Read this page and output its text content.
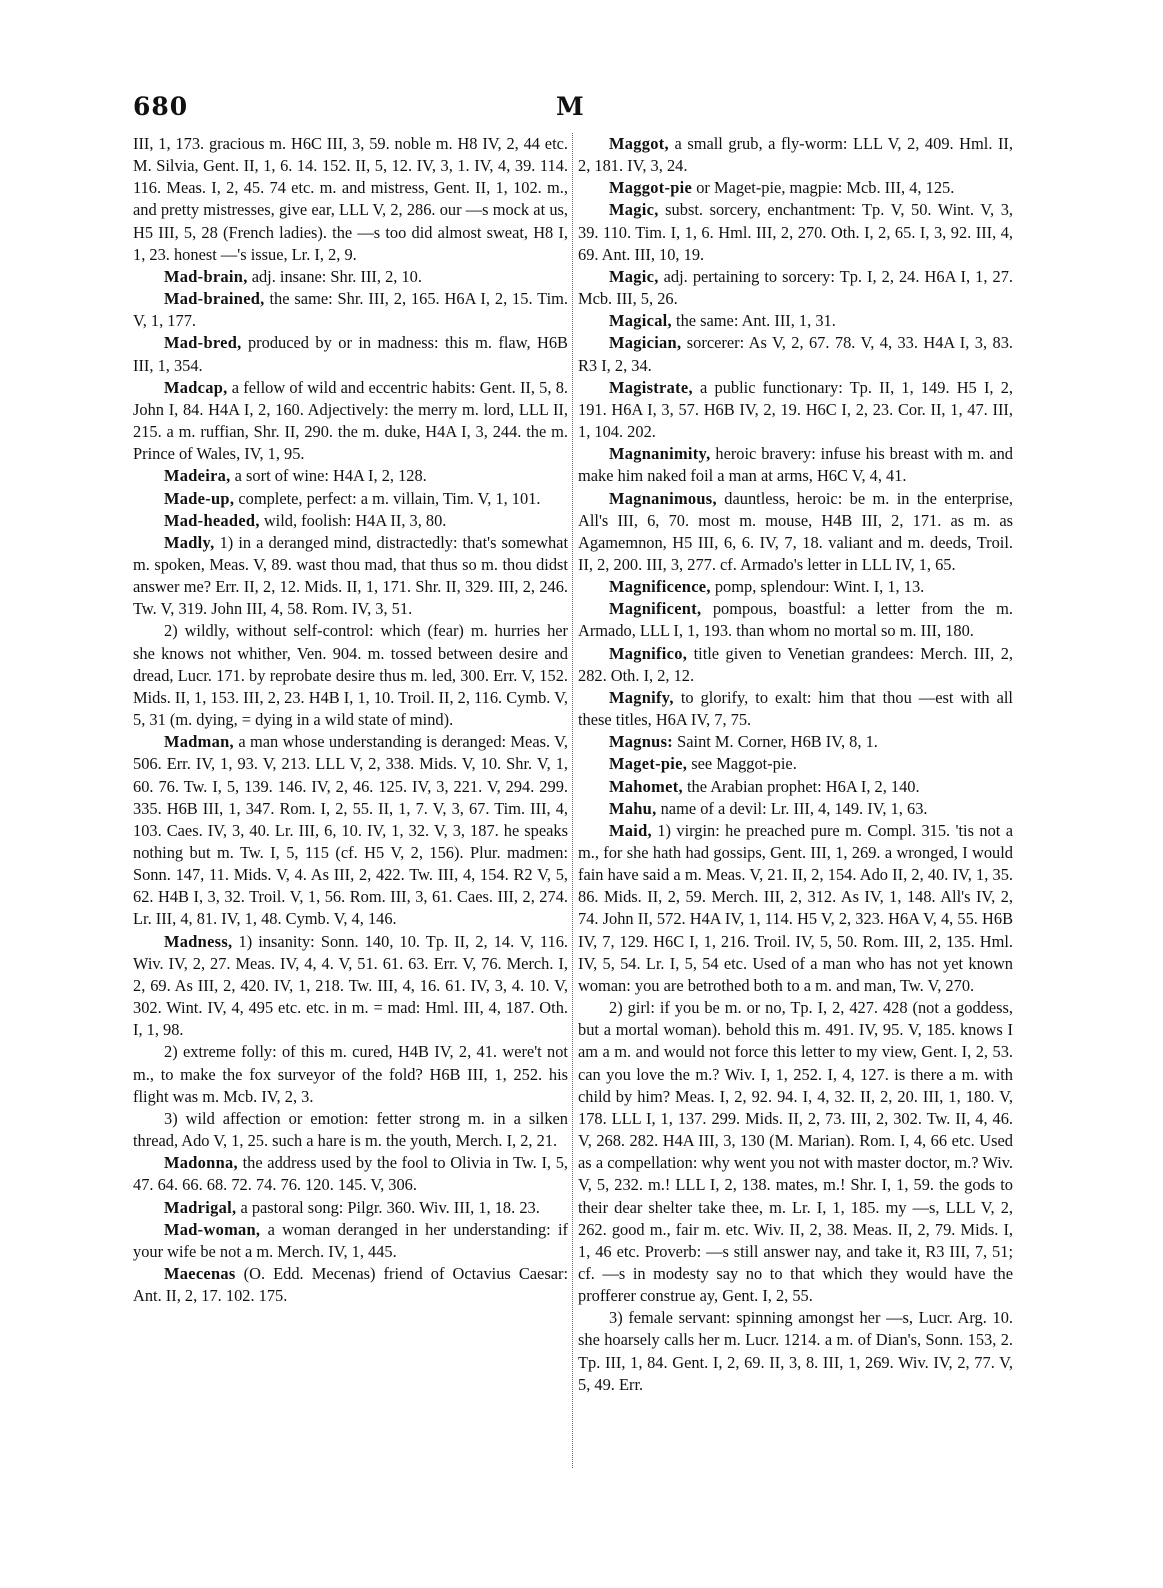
680	M

III, 1, 173. gracious m. H6C III, 3, 59. noble m. H8 IV, 2, 44 etc. M. Silvia, Gent. II, 1, 6. 14. 152. II, 5, 12. IV, 3, 1. IV, 4, 39. 114. 116. Meas. I, 2, 45. 74 etc. m. and mistress, Gent. II, 1, 102. m., and pretty mistresses, give ear, LLL V, 2, 286. our —s mock at us, H5 III, 5, 28 (French ladies). the —s too did almost sweat, H8 I, 1, 23. honest —'s issue, Lr. I, 2, 9.

Mad-brain, adj. insane: Shr. III, 2, 10.

Mad-brained, the same: Shr. III, 2, 165. H6A I, 2, 15. Tim. V, 1, 177.

Mad-bred, produced by or in madness: this m. flaw, H6B III, 1, 354.

Madcap, a fellow of wild and eccentric habits: Gent. II, 5, 8. John I, 84. H4A I, 2, 160. Adjectively: the merry m. lord, LLL II, 215. a m. ruffian, Shr. II, 290. the m. duke, H4A I, 3, 244. the m. Prince of Wales, IV, 1, 95.

Madeira, a sort of wine: H4A I, 2, 128.

Made-up, complete, perfect: a m. villain, Tim. V, 1, 101.

Mad-headed, wild, foolish: H4A II, 3, 80.

Madly, 1) in a deranged mind, distractedly: that's somewhat m. spoken, Meas. V, 89. wast thou mad, that thus so m. thou didst answer me? Err. II, 2, 12. Mids. II, 1, 171. Shr. II, 329. III, 2, 246. Tw. V, 319. John III, 4, 58. Rom. IV, 3, 51.

2) wildly, without self-control: which (fear) m. hurries her she knows not whither, Ven. 904. m. tossed between desire and dread, Lucr. 171. by reprobate desire thus m. led, 300. Err. V, 152. Mids. II, 1, 153. III, 2, 23. H4B I, 1, 10. Troil. II, 2, 116. Cymb. V, 5, 31 (m. dying, = dying in a wild state of mind).

Madman, a man whose understanding is deranged: Meas. V, 506. Err. IV, 1, 93. V, 213. LLL V, 2, 338. Mids. V, 10. Shr. V, 1, 60. 76. Tw. I, 5, 139. 146. IV, 2, 46. 125. IV, 3, 221. V, 294. 299. 335. H6B III, 1, 347. Rom. I, 2, 55. II, 1, 7. V, 3, 67. Tim. III, 4, 103. Caes. IV, 3, 40. Lr. III, 6, 10. IV, 1, 32. V, 3, 187. he speaks nothing but m. Tw. I, 5, 115 (cf. H5 V, 2, 156). Plur. madmen: Sonn. 147, 11. Mids. V, 4. As III, 2, 422. Tw. III, 4, 154. R2 V, 5, 62. H4B I, 3, 32. Troil. V, 1, 56. Rom. III, 3, 61. Caes. III, 2, 274. Lr. III, 4, 81. IV, 1, 48. Cymb. V, 4, 146.

Madness, 1) insanity: Sonn. 140, 10. Tp. II, 2, 14. V, 116. Wiv. IV, 2, 27. Meas. IV, 4, 4. V, 51. 61. 63. Err. V, 76. Merch. I, 2, 69. As III, 2, 420. IV, 1, 218. Tw. III, 4, 16. 61. IV, 3, 4. 10. V, 302. Wint. IV, 4, 495 etc. etc. in m. = mad: Hml. III, 4, 187. Oth. I, 1, 98.

2) extreme folly: of this m. cured, H4B IV, 2, 41. were't not m., to make the fox surveyor of the fold? H6B III, 1, 252. his flight was m. Mcb. IV, 2, 3.

3) wild affection or emotion: fetter strong m. in a silken thread, Ado V, 1, 25. such a hare is m. the youth, Merch. I, 2, 21.

Madonna, the address used by the fool to Olivia in Tw. I, 5, 47. 64. 66. 68. 72. 74. 76. 120. 145. V, 306.

Madrigal, a pastoral song: Pilgr. 360. Wiv. III, 1, 18. 23.

Mad-woman, a woman deranged in her understanding: if your wife be not a m. Merch. IV, 1, 445.

Maecenas (O. Edd. Mecenas) friend of Octavius Caesar: Ant. II, 2, 17. 102. 175.

Maggot, a small grub, a fly-worm: LLL V, 2, 409. Hml. II, 2, 181. IV, 3, 24.

Maggot-pie or Maget-pie, magpie: Mcb. III, 4, 125.

Magic, subst. sorcery, enchantment: Tp. V, 50. Wint. V, 3, 39. 110. Tim. I, 1, 6. Hml. III, 2, 270. Oth. I, 2, 65. I, 3, 92. III, 4, 69. Ant. III, 10, 19.

Magic, adj. pertaining to sorcery: Tp. I, 2, 24. H6A I, 1, 27. Mcb. III, 5, 26.

Magical, the same: Ant. III, 1, 31.

Magician, sorcerer: As V, 2, 67. 78. V, 4, 33. H4A I, 3, 83. R3 I, 2, 34.

Magistrate, a public functionary: Tp. II, 1, 149. H5 I, 2, 191. H6A I, 3, 57. H6B IV, 2, 19. H6C I, 2, 23. Cor. II, 1, 47. III, 1, 104. 202.

Magnanimity, heroic bravery: infuse his breast with m. and make him naked foil a man at arms, H6C V, 4, 41.

Magnanimous, dauntless, heroic: be m. in the enterprise, All's III, 6, 70. most m. mouse, H4B III, 2, 171. as m. as Agamemnon, H5 III, 6, 6. IV, 7, 18. valiant and m. deeds, Troil. II, 2, 200. III, 3, 277. cf. Armado's letter in LLL IV, 1, 65.

Magnificence, pomp, splendour: Wint. I, 1, 13.

Magnificent, pompous, boastful: a letter from the m. Armado, LLL I, 1, 193. than whom no mortal so m. III, 180.

Magnifico, title given to Venetian grandees: Merch. III, 2, 282. Oth. I, 2, 12.

Magnify, to glorify, to exalt: him that thou —est with all these titles, H6A IV, 7, 75.

Magnus: Saint M. Corner, H6B IV, 8, 1.

Maget-pie, see Maggot-pie.

Mahomet, the Arabian prophet: H6A I, 2, 140.

Mahu, name of a devil: Lr. III, 4, 149. IV, 1, 63.

Maid, 1) virgin: he preached pure m. Compl. 315. 'tis not a m., for she hath had gossips, Gent. III, 1, 269. a wronged, I would fain have said a m. Meas. V, 21. II, 2, 154. Ado II, 2, 40. IV, 1, 35. 86. Mids. II, 2, 59. Merch. III, 2, 312. As IV, 1, 148. All's IV, 2, 74. John II, 572. H4A IV, 1, 114. H5 V, 2, 323. H6A V, 4, 55. H6B IV, 7, 129. H6C I, 1, 216. Troil. IV, 5, 50. Rom. III, 2, 135. Hml. IV, 5, 54. Lr. I, 5, 54 etc. Used of a man who has not yet known woman: you are betrothed both to a m. and man, Tw. V, 270.

2) girl: if you be m. or no, Tp. I, 2, 427. 428 (not a goddess, but a mortal woman). behold this m. 491. IV, 95. V, 185. knows I am a m. and would not force this letter to my view, Gent. I, 2, 53. can you love the m.? Wiv. I, 1, 252. I, 4, 127. is there a m. with child by him? Meas. I, 2, 92. 94. I, 4, 32. II, 2, 20. III, 1, 180. V, 178. LLL I, 1, 137. 299. Mids. II, 2, 73. III, 2, 302. Tw. II, 4, 46. V, 268. 282. H4A III, 3, 130 (M. Marian). Rom. I, 4, 66 etc. Used as a compellation: why went you not with master doctor, m.? Wiv. V, 5, 232. m.! LLL I, 2, 138. mates, m.! Shr. I, 1, 59. the gods to their dear shelter take thee, m. Lr. I, 1, 185. my —s, LLL V, 2, 262. good m., fair m. etc. Wiv. II, 2, 38. Meas. II, 2, 79. Mids. I, 1, 46 etc. Proverb: —s still answer nay, and take it, R3 III, 7, 51; cf. —s in modesty say no to that which they would have the profferer construe ay, Gent. I, 2, 55.

3) female servant: spinning amongst her —s, Lucr. Arg. 10. she hoarsely calls her m. Lucr. 1214. a m. of Dian's, Sonn. 153, 2. Tp. III, 1, 84. Gent. I, 2, 69. II, 3, 8. III, 1, 269. Wiv. IV, 2, 77. V, 5, 49. Err.
